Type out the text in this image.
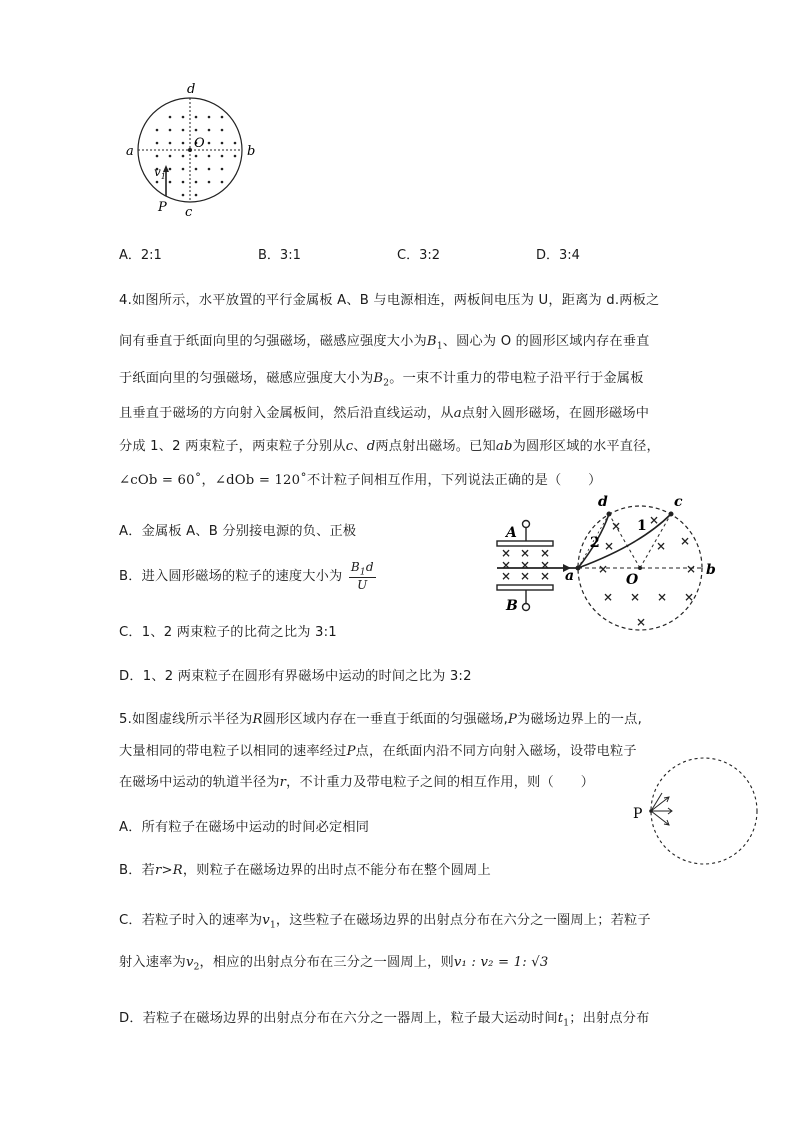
d
a
O
b
c
P
$v_1$
A．2:1	B．3:1	C．3:2	D．3:4
4.如图所示，水平放置的平行金属板 A、B 与电源相连，两板间电压为 U，距离为 d.两板之
间有垂直于纸面向里的匀强磁场，磁感应强度大小为$B_1$、圆心为 O 的圆形区域内存在垂直
于纸面向里的匀强磁场，磁感应强度大小为$B_2$。一束不计重力的带电粒子沿平行于金属板
且垂直于磁场的方向射入金属板间，然后沿直线运动，从a点射入圆形磁场，在圆形磁场中
分成 1、2 两束粒子，两束粒子分别从c、d两点射出磁场。已知ab为圆形区域的水平直径，
∠cOb = 60˚，∠dOb = 120˚不计粒子间相互作用，下列说法正确的是（　　）
A．金属板 A、B 分别接电源的负、正极
B．进入圆形磁场的粒子的速度大小为 $\frac{B_1d}{U}$
C．1、2 两束粒子的比荷之比为 3:1
D．1、2 两束粒子在圆形有界磁场中运动的时间之比为 3:2
A
B
× × ×
× × ×
× × ×
× ×
×
×	×
×	×
× × × ×
×
d	c
a	O
b
1
2
5.如图虚线所示半径为R圆形区域内存在一垂直于纸面的匀强磁场,P为磁场边界上的一点,
大量相同的带电粒子以相同的速率经过P点，在纸面内沿不同方向射入磁场，设带电粒子
在磁场中运动的轨道半径为r，不计重力及带电粒子之间的相互作用，则（　　）
A．所有粒子在磁场中运动的时间必定相同
B．若r>R，则粒子在磁场边界的出时点不能分布在整个圆周上
C．若粒子时入的速率为$v_1$，这些粒子在磁场边界的出射点分布在六分之一圈周上；若粒子
射入速率为$v_2$，相应的出射点分布在三分之一圆周上，则v₁ : v₂ = 1: √3
D．若粒子在磁场边界的出射点分布在六分之一器周上，粒子最大运动时间$t_1$；出射点分布
P
